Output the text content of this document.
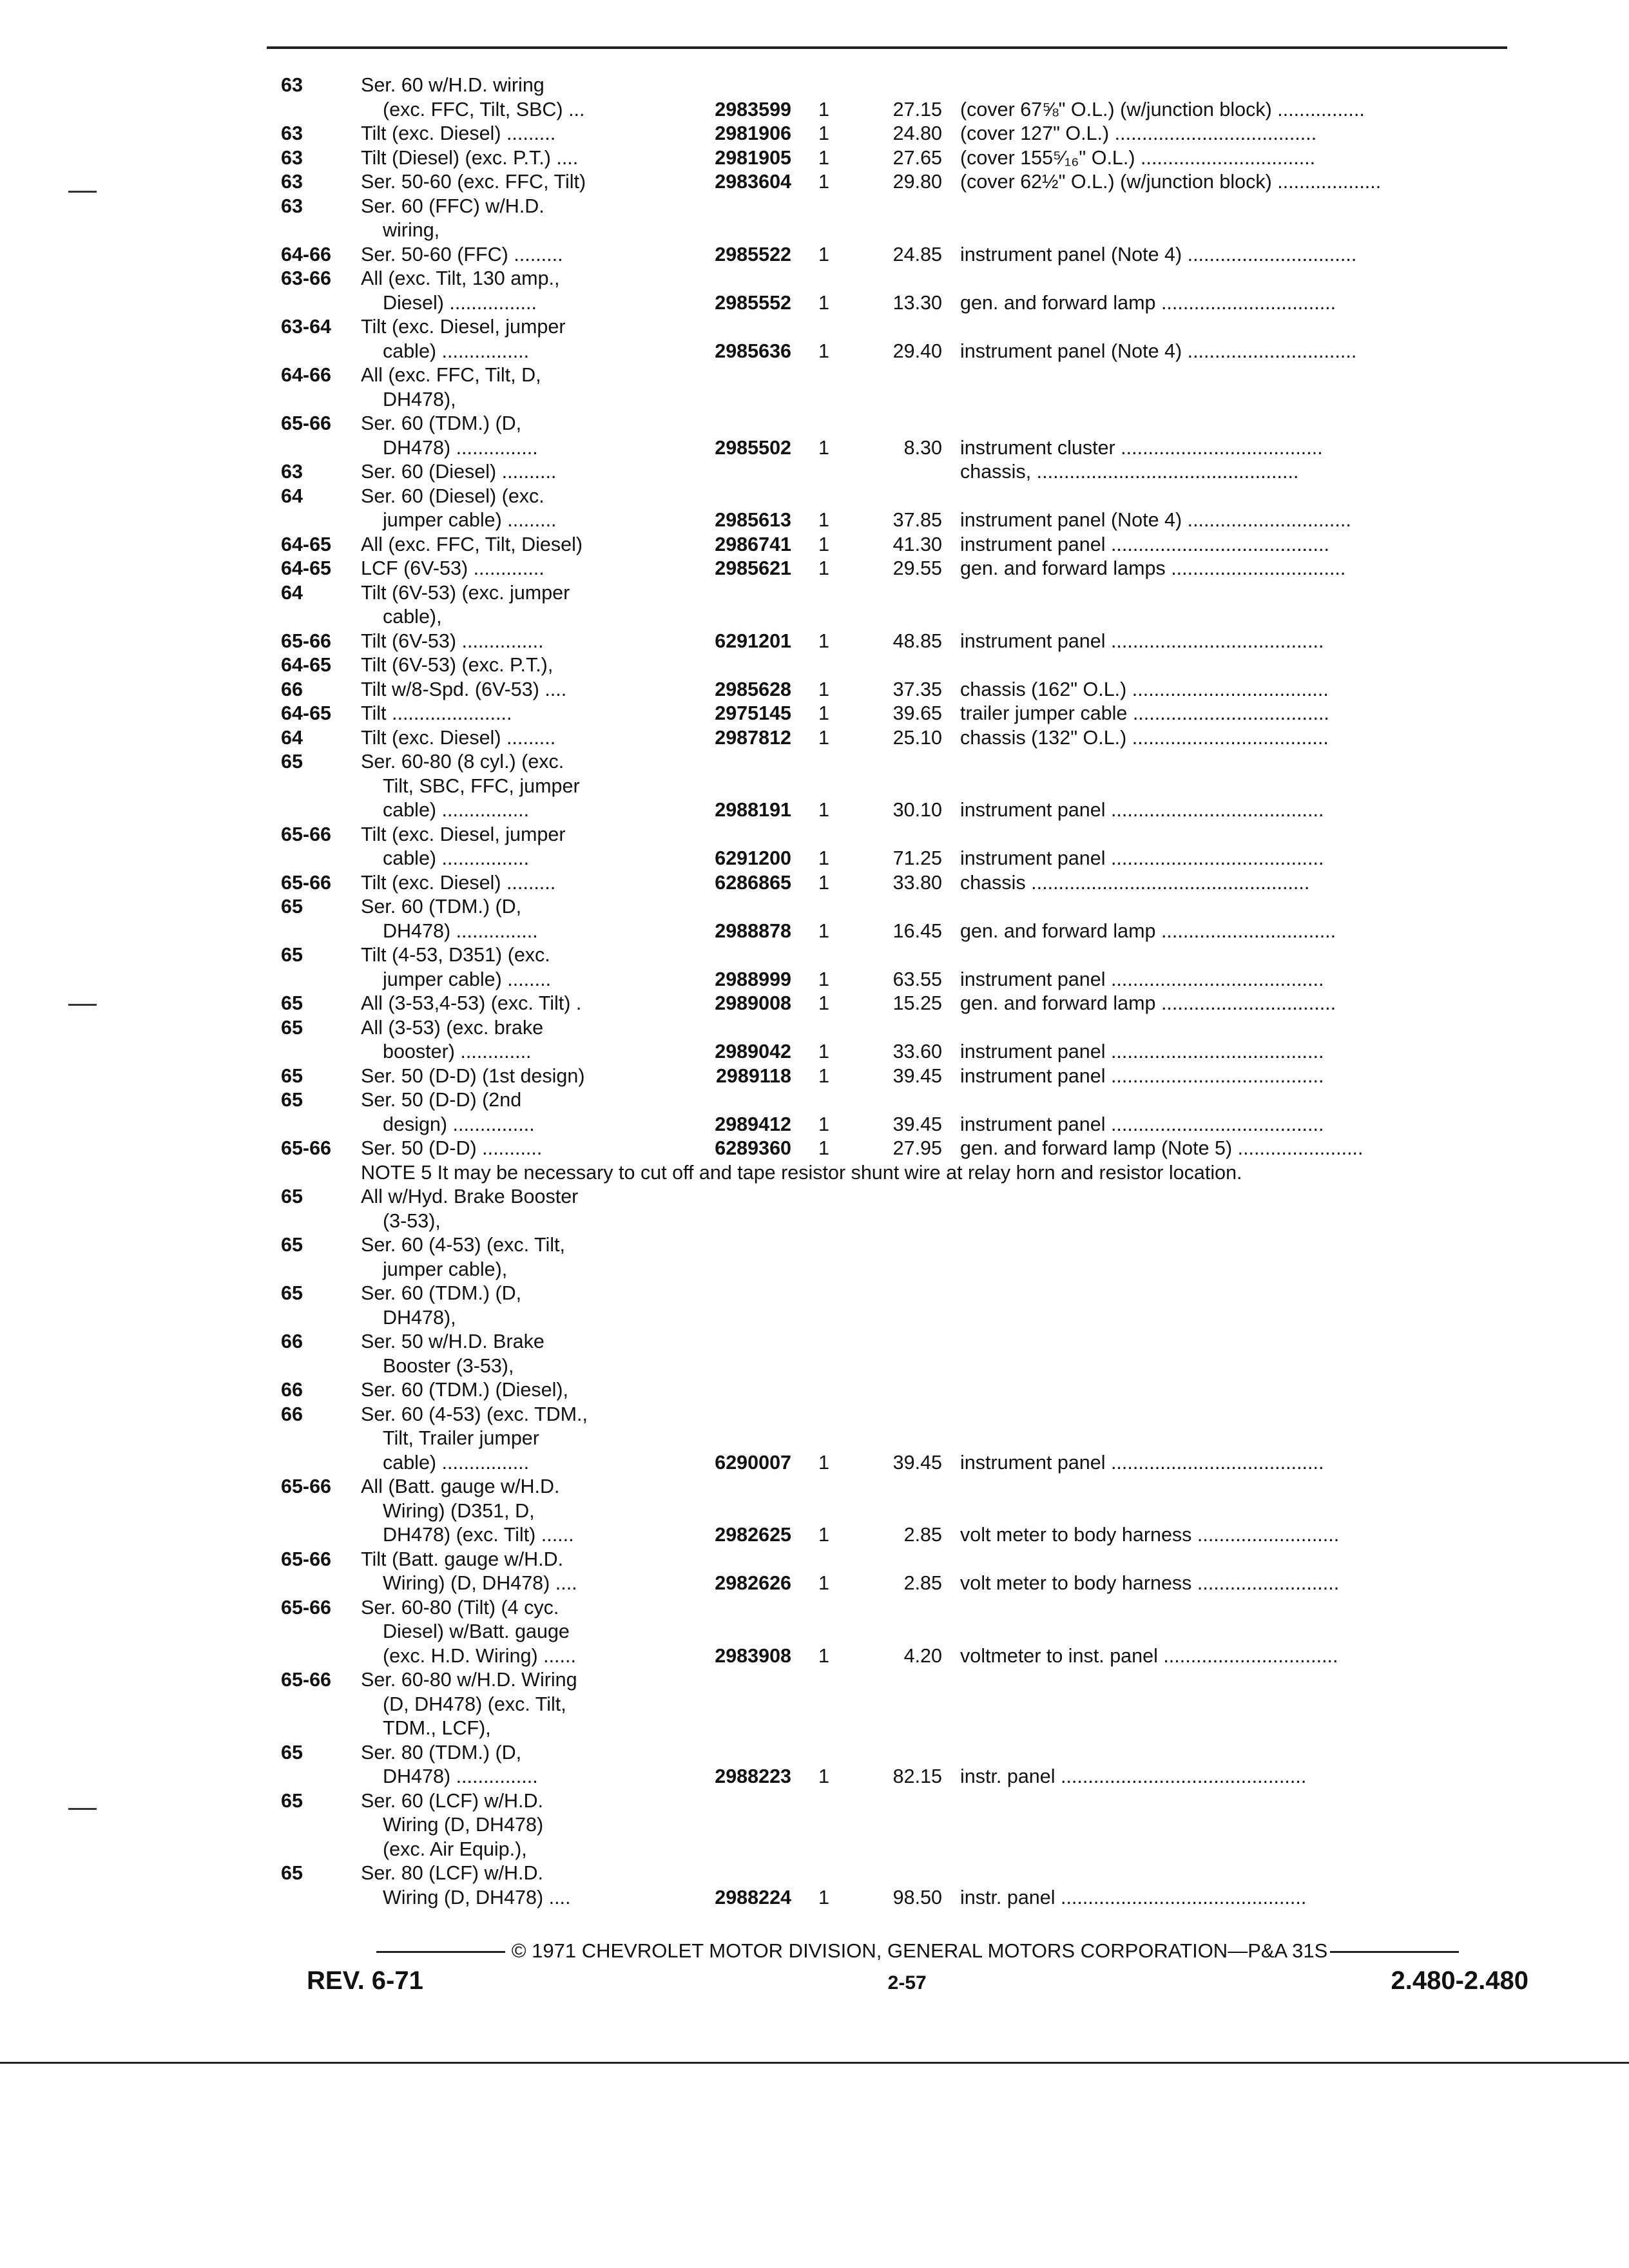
63	Ser. 60 w/H.D. wiring
(exc. FFC, Tilt, SBC) ...	2983599	1	27.15 (cover 67⅝" O.L.) (w/junction block) ................
63	Tilt (exc. Diesel) .........	2981906	1	24.80 (cover 127" O.L.) .....................................
63	Tilt (Diesel) (exc. P.T.) ....	2981905	1	27.65 (cover 155⁵⁄₁₆" O.L.) ................................
63	Ser. 50-60 (exc. FFC, Tilt)	2983604	1	29.80 (cover 62½" O.L.) (w/junction block) ...................
63	Ser. 60 (FFC) w/H.D.
wiring,
64-66	Ser. 50-60 (FFC) .........	2985522	1	24.85 instrument panel (Note 4) ...............................
63-66	All (exc. Tilt, 130 amp.,
Diesel) ................	2985552	1	13.30 gen. and forward lamp ................................
63-64	Tilt (exc. Diesel, jumper
cable) ................	2985636	1	29.40 instrument panel (Note 4) ...............................
64-66	All (exc. FFC, Tilt, D,
DH478),
65-66	Ser. 60 (TDM.) (D,
DH478) ...............	2985502	1	8.30 instrument cluster .....................................
63	Ser. 60 (Diesel) ..........	chassis, ................................................
64	Ser. 60 (Diesel) (exc.
jumper cable) .........	2985613	1	37.85 instrument panel (Note 4) ..............................
64-65	All (exc. FFC, Tilt, Diesel)	2986741	1	41.30 instrument panel ........................................
64-65	LCF (6V-53) .............	2985621	1	29.55 gen. and forward lamps ................................
64	Tilt (6V-53) (exc. jumper
cable),
65-66	Tilt (6V-53) ...............	6291201	1	48.85 instrument panel .......................................
64-65	Tilt (6V-53) (exc. P.T.),
66	Tilt w/8-Spd. (6V-53) ....	2985628	1	37.35 chassis (162" O.L.) ....................................
64-65	Tilt ......................	2975145	1	39.65 trailer jumper cable ....................................
64	Tilt (exc. Diesel) .........	2987812	1	25.10 chassis (132" O.L.) ....................................
65	Ser. 60-80 (8 cyl.) (exc.
Tilt, SBC, FFC, jumper
cable) ................	2988191	1	30.10 instrument panel .......................................
65-66	Tilt (exc. Diesel, jumper
cable) ................	6291200	1	71.25 instrument panel .......................................
65-66	Tilt (exc. Diesel) .........	6286865	1	33.80 chassis ...................................................
65	Ser. 60 (TDM.) (D,
DH478) ...............	2988878	1	16.45 gen. and forward lamp ................................
65	Tilt (4-53, D351) (exc.
jumper cable) ........	2988999	1	63.55 instrument panel .......................................
65	All (3-53,4-53) (exc. Tilt) .	2989008	1	15.25 gen. and forward lamp ................................
65	All (3-53) (exc. brake
booster) .............	2989042	1	33.60 instrument panel .......................................
65	Ser. 50 (D-D) (1st design)	2989118	1	39.45 instrument panel .......................................
65	Ser. 50 (D-D) (2nd
design) ...............	2989412	1	39.45 instrument panel .......................................
65-66	Ser. 50 (D-D) ...........	6289360	1	27.95 gen. and forward lamp (Note 5) .......................
NOTE 5 It may be necessary to cut off and tape resistor shunt wire at relay horn and resistor location.
65	All w/Hyd. Brake Booster
(3-53),
65	Ser. 60 (4-53) (exc. Tilt,
jumper cable),
65	Ser. 60 (TDM.) (D,
DH478),
66	Ser. 50 w/H.D. Brake
Booster (3-53),
66	Ser. 60 (TDM.) (Diesel),
66	Ser. 60 (4-53) (exc. TDM.,
Tilt, Trailer jumper
cable) ................	6290007	1	39.45 instrument panel .......................................
65-66	All (Batt. gauge w/H.D.
Wiring) (D351, D,
DH478) (exc. Tilt) ......	2982625	1	2.85 volt meter to body harness ..........................
65-66	Tilt (Batt. gauge w/H.D.
Wiring) (D, DH478) ....	2982626	1	2.85 volt meter to body harness ..........................
65-66	Ser. 60-80 (Tilt) (4 cyc.
Diesel) w/Batt. gauge
(exc. H.D. Wiring) ......	2983908	1	4.20 voltmeter to inst. panel ................................
65-66	Ser. 60-80 w/H.D. Wiring
(D, DH478) (exc. Tilt,
TDM., LCF),
65	Ser. 80 (TDM.) (D,
DH478) ...............	2988223	1	82.15 instr. panel .............................................
65	Ser. 60 (LCF) w/H.D.
Wiring (D, DH478)
(exc. Air Equip.),
65	Ser. 80 (LCF) w/H.D.
Wiring (D, DH478) ....	2988224	1	98.50 instr. panel .............................................
© 1971 CHEVROLET MOTOR DIVISION, GENERAL MOTORS CORPORATION—P&A 31S
REV. 6-71	2-57	2.480-2.480
